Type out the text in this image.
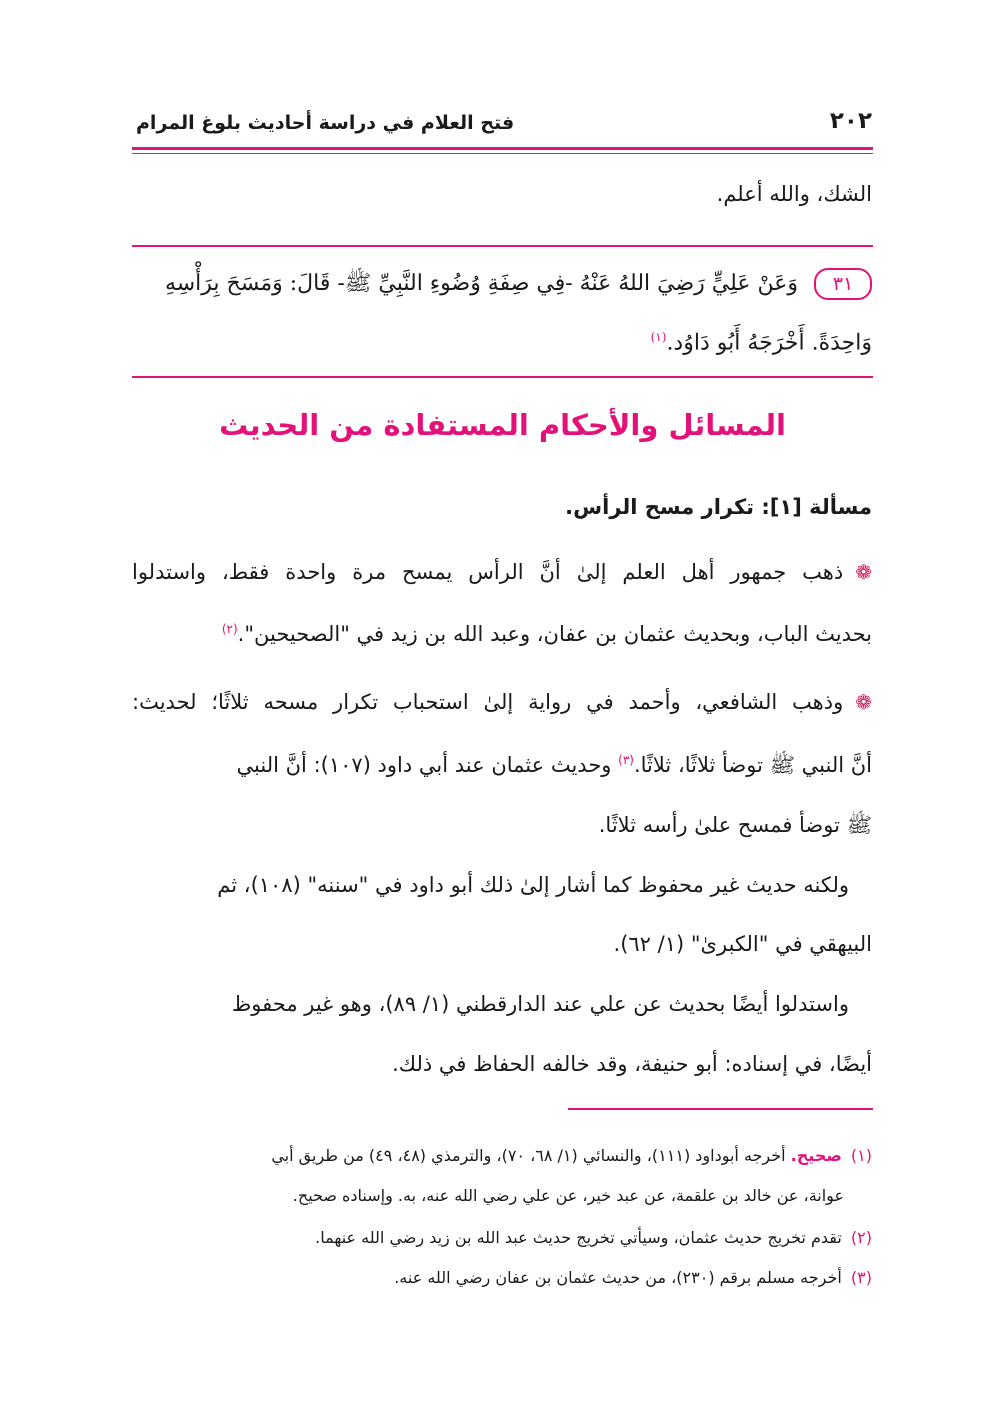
٢٠٢
فتح العلام في دراسة أحاديث بلوغ المرام
الشك، والله أعلم.
٣١وَعَنْ عَلِيٍّ رَضِيَ اللهُ عَنْهُ -فِي صِفَةِ وُضُوءِ النَّبِيِّ ﷺ- قَالَ: وَمَسَحَ بِرَأْسِهِ
وَاحِدَةً. أَخْرَجَهُ أَبُو دَاوُد.$^{(١)}$
المسائل والأحكام المستفادة من الحديث
مسألة [١]: تكرار مسح الرأس.
❁ذهب جمهور أهل العلم إلىٰ أنَّ الرأس يمسح مرة واحدة فقط، واستدلوا
بحديث الباب، وبحديث عثمان بن عفان، وعبد الله بن زيد في "الصحيحين".$^{(٢)}$
❁وذهب الشافعي، وأحمد في رواية إلىٰ استحباب تكرار مسحه ثلاثًا؛ لحديث:
أنَّ النبي ﷺ توضأ ثلاثًا، ثلاثًا.$^{(٣)}$ وحديث عثمان عند أبي داود (١٠٧): أنَّ النبي
ﷺ توضأ فمسح علىٰ رأسه ثلاثًا.
ولكنه حديث غير محفوظ كما أشار إلىٰ ذلك أبو داود في "سننه" (١٠٨)، ثم
البيهقي في "الكبرىٰ" (١/ ٦٢).
واستدلوا أيضًا بحديث عن علي عند الدارقطني (١/ ٨٩)، وهو غير محفوظ
أيضًا، في إسناده: أبو حنيفة، وقد خالفه الحفاظ في ذلك.
(١) صحيح. أخرجه أبوداود (١١١)، والنسائي (١/ ٦٨، ٧٠)، والترمذي (٤٨، ٤٩) من طريق أبي
عوانة، عن خالد بن علقمة، عن عبد خير، عن علي رضي الله عنه، به. وإسناده صحيح.
(٢) تقدم تخريج حديث عثمان، وسيأتي تخريج حديث عبد الله بن زيد رضي الله عنهما.
(٣) أخرجه مسلم برقم (٢٣٠)، من حديث عثمان بن عفان رضي الله عنه.
